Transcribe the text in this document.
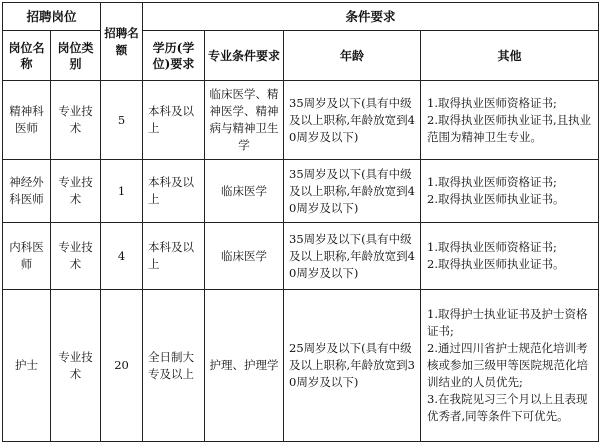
招聘岗位		招聘名额	条件要求			
岗位名称	岗位类别		学历(学位)要求	专业条件要求	年龄	其他
精神科医师	专业技术	5	本科及以上	临床医学、精神医学、精神病与精神卫生学	35周岁及以下(具有中级及以上职称,年龄放宽到40周岁及以下)	1.取得执业医师资格证书;
2.取得执业医师执业证书,且执业范围为精神卫生专业。

神经外科医师	专业技术	1	本科及以上	临床医学	35周岁及以下(具有中级及以上职称,年龄放宽到40周岁及以下)	1.取得执业医师资格证书;
2.取得执业医师执业证书。

内科医师	专业技术	4	本科及以上	临床医学	35周岁及以下(具有中级及以上职称,年龄放宽到40周岁及以下)	1.取得执业医师资格证书;
2.取得执业医师执业证书。

护士	专业技术	20	全日制大专及以上	护理、护理学	25周岁及以下(具有中级及以上职称,年龄放宽到30周岁及以下)	1.取得护士执业证书及护士资格证书;
2.通过四川省护士规范化培训考核或参加三级甲等医院规范化培训结业的人员优先;
3.在我院见习三个月以上且表现优秀者,同等条件下可优先。
